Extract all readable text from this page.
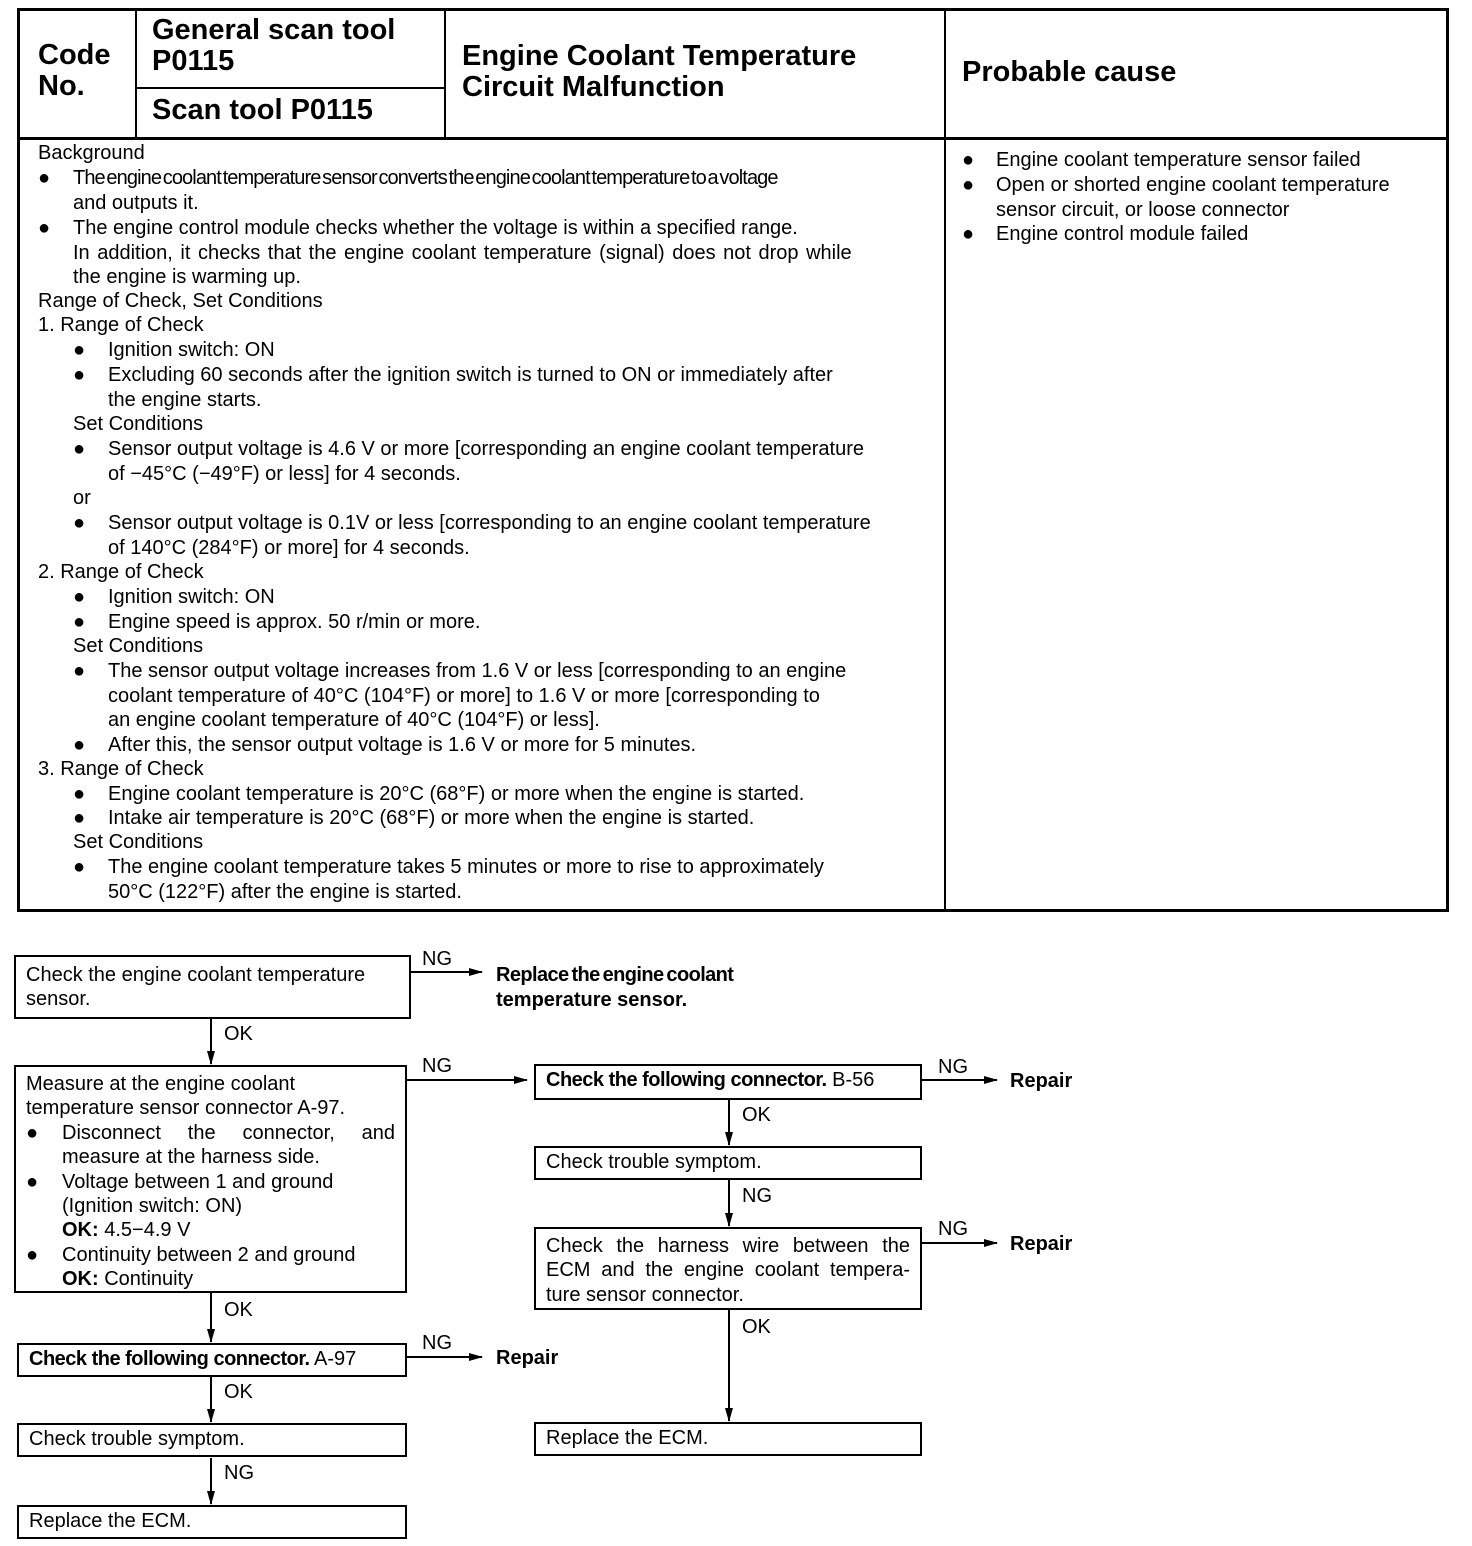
Code
No.
General scan tool
P0115
Scan tool P0115
Engine Coolant Temperature
Circuit Malfunction	Probable cause
Background
● The engine coolant temperature sensor converts the engine coolant temperature to a voltage
and outputs it.
● The engine control module checks whether the voltage is within a specified range.
In addition, it checks that the engine coolant temperature (signal) does not drop while
the engine is warming up.
Range of Check, Set Conditions
1. Range of Check
● Ignition switch: ON
● Excluding 60 seconds after the ignition switch is turned to ON or immediately after
the engine starts.
Set Conditions
● Sensor output voltage is 4.6 V or more [corresponding an engine coolant temperature
of −45°C (−49°F) or less] for 4 seconds.
or
● Sensor output voltage is 0.1V or less [corresponding to an engine coolant temperature
of 140°C (284°F) or more] for 4 seconds.
2. Range of Check
● Ignition switch: ON
● Engine speed is approx. 50 r/min or more.
Set Conditions
● The sensor output voltage increases from 1.6 V or less [corresponding to an engine
coolant temperature of 40°C (104°F) or more] to 1.6 V or more [corresponding to
an engine coolant temperature of 40°C (104°F) or less].
● After this, the sensor output voltage is 1.6 V or more for 5 minutes.
3. Range of Check
● Engine coolant temperature is 20°C (68°F) or more when the engine is started.
● Intake air temperature is 20°C (68°F) or more when the engine is started.
Set Conditions
● The engine coolant temperature takes 5 minutes or more to rise to approximately
50°C (122°F) after the engine is started.
● Engine coolant temperature sensor failed
● Open or shorted engine coolant temperature
sensor circuit, or loose connector
● Engine control module failed
Check the engine coolant temperature
sensor.
NG
Replace the engine coolant
temperature sensor.
OK
Measure at the engine coolant
temperature sensor connector A-97.
● Disconnect the connector, and
measure at the harness side.
● Voltage between 1 and ground
(Ignition switch: ON)
OK: 4.5−4.9 V
● Continuity between 2 and ground
OK: Continuity
NG
OK
Check the following connector. A-97
NG
Repair
OK
Check trouble symptom.
NG
Replace the ECM.
Check the following connector. B-56
NG
Repair
OK
Check trouble symptom.
NG
Check the harness wire between the
ECM and the engine coolant tempera-
ture sensor connector.
NG
Repair
OK
Replace the ECM.
